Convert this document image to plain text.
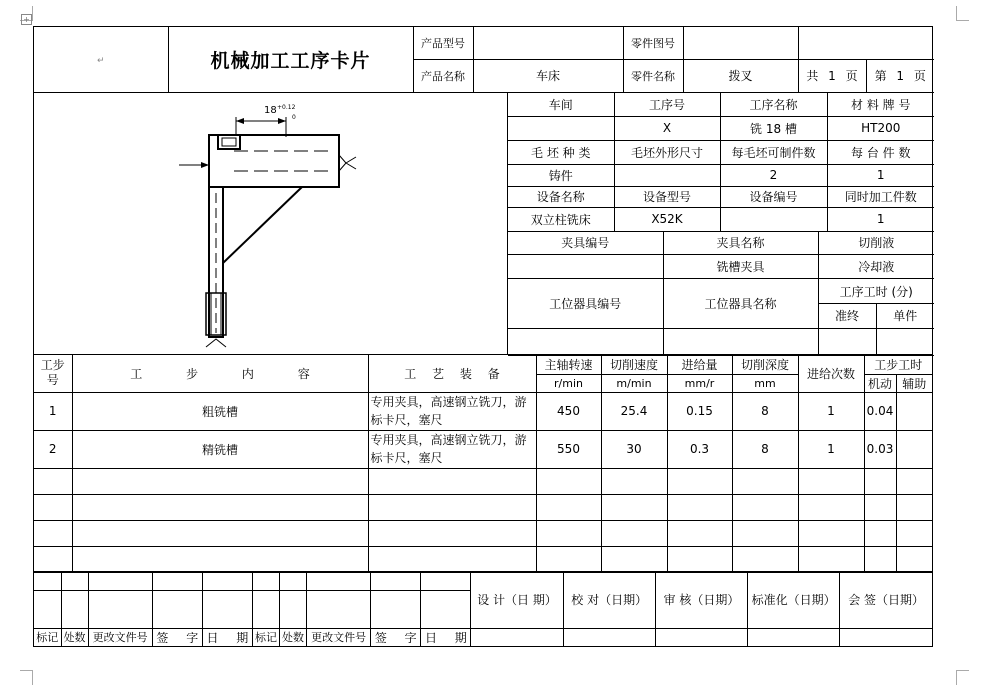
+
↵	机械加工工序卡片	产品型号		零件图号			
		产品名称	车床	零件名称	拨叉	共 1 页	第 1 页
18 +0.12
0
车间	工序号	工序名称	材 料 牌 号
	X	铣 18 槽	HT200
毛 坯 种 类	毛坯外形尺寸	每毛坯可制件数	每 台 件 数
铸件		2	1
设备名称	设备型号	设备编号	同时加工件数
双立柱铣床	X52K		1
夹具编号	夹具名称	切削液	
	铣槽夹具	冷却液	
工位器具编号	工位器具名称	工序工时 (分)	
		准终	单件

工步号	工 步 内 容	工 艺 装 备	主轴转速	切削速度	进给量	切削深度	进给次数	工步工时	
			r/min	m/min	mm/r	mm		机动	辅助
1	粗铣槽	专用夹具，高速钢立铣刀，游标卡尺，塞尺	450	25.4	0.15	8	1	0.04	
2	精铣槽	专用夹具，高速钢立铣刀，游标卡尺，塞尺	550	30	0.3	8	1	0.03	

										设 计（日 期）	校 对（日期）	审 核（日期）	标准化（日期）	会 签（日期）

标记	处数	更改文件号	签 字	日 期	标记	处数	更改文件号	签 字	日 期					
